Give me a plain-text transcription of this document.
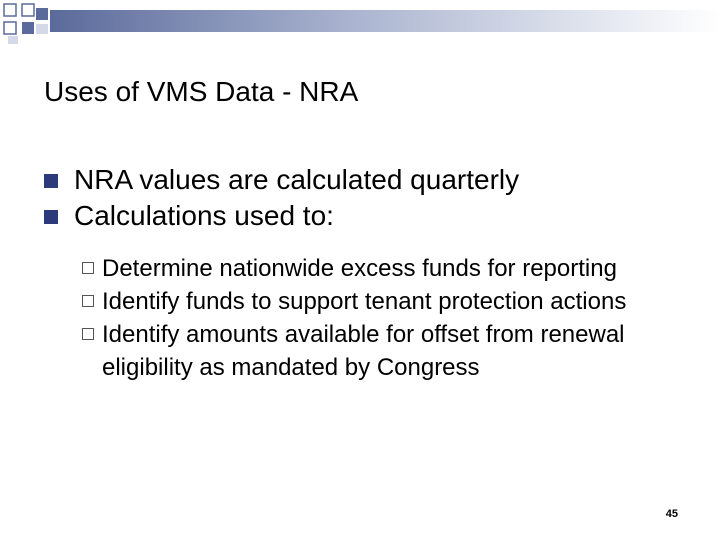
Uses of VMS Data - NRA
NRA values are calculated quarterly
Calculations used to:
Determine nationwide excess funds for reporting
Identify funds to support tenant protection actions
Identify amounts available for offset from renewal eligibility as mandated by Congress
45
